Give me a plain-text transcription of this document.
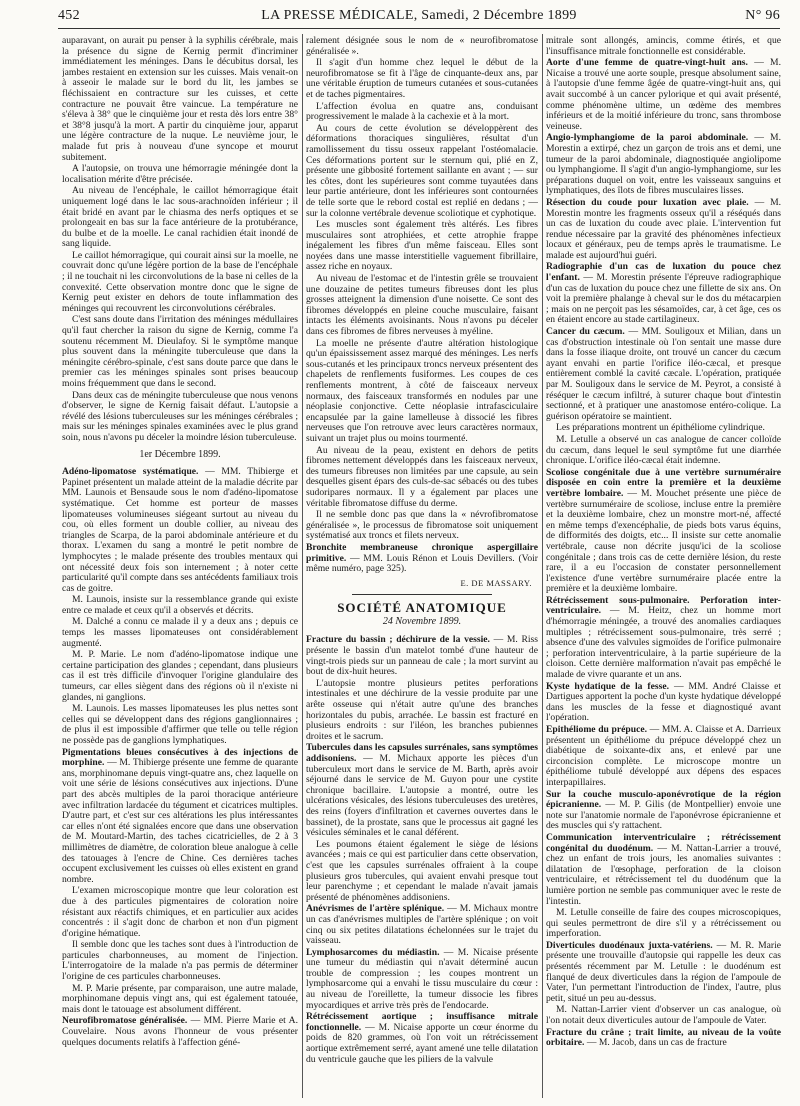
452	LA PRESSE MÉDICALE, Samedi, 2 Décembre 1899	N° 96

auparavant, on aurait pu penser à la syphilis cérébrale, mais la présence du signe de Kernig permit d'incriminer immédiatement les méninges. Dans le décubitus dorsal, les jambes restaient en extension sur les cuisses. Mais venait-on à asseoir le malade sur le bord du lit, les jambes se fléchissaient en contracture sur les cuisses, et cette contracture ne pouvait être vaincue. La température ne s'éleva à 38° que le cinquième jour et resta dès lors entre 38° et 38°8 jusqu'à la mort. A partir du cinquième jour, apparut une légère contracture de la nuque. Le neuvième jour, le malade fut pris à nouveau d'une syncope et mourut subitement.

A l'autopsie, on trouva une hémorragie méningée dont la localisation mérite d'être précisée.

Au niveau de l'encéphale, le caillot hémorragique était uniquement logé dans le lac sous-arachnoïden inférieur ; il était bridé en avant par le chiasma des nerfs optiques et se prolongeait en bas sur la face antérieure de la protubérance, du bulbe et de la moelle. Le canal rachidien était inondé de sang liquide.

Le caillot hémorragique, qui courait ainsi sur la moelle, ne couvrait donc qu'une légère portion de la base de l'encéphale ; il ne touchait ni les circonvolutions de la base ni celles de la convexité. Cette observation montre donc que le signe de Kernig peut exister en dehors de toute inflammation des méninges qui recouvrent les circonvolutions cérébrales.

C'est sans doute dans l'irritation des méninges médullaires qu'il faut chercher la raison du signe de Kernig, comme l'a soutenu récemment M. Dieulafoy. Si le symptôme manque plus souvent dans la méningite tuberculeuse que dans la méningite cérébro-spinale, c'est sans doute parce que dans le premier cas les méninges spinales sont prises beaucoup moins fréquemment que dans le second.

Dans deux cas de méningite tuberculeuse que nous venons d'observer, le signe de Kernig faisait défaut. L'autopsie a révélé des lésions tuberculeuses sur les méninges cérébrales ; mais sur les méninges spinales examinées avec le plus grand soin, nous n'avons pu déceler la moindre lésion tuberculeuse.

1er Décembre 1899.

Adéno-lipomatose systématique. — MM. Thibierge et Papinet présentent un malade atteint de la maladie décrite par MM. Launois et Bensaude sous le nom d'adéno-lipomatose systématique. Cet homme est porteur de masses lipomateuses volumineuses siégeant surtout au niveau du cou, où elles forment un double collier, au niveau des triangles de Scarpa, de la paroi abdominale antérieure et du thorax. L'examen du sang a montré le petit nombre de lymphocytes ; le malade présente des troubles mentaux qui ont nécessité deux fois son internement ; à noter cette particularité qu'il compte dans ses antécédents familiaux trois cas de goitre.

M. Launois, insiste sur la ressemblance grande qui existe entre ce malade et ceux qu'il a observés et décrits.

M. Dalché a connu ce malade il y a deux ans ; depuis ce temps les masses lipomateuses ont considérablement augmenté.

M. P. Marie. Le nom d'adéno-lipomatose indique une certaine participation des glandes ; cependant, dans plusieurs cas il est très difficile d'invoquer l'origine glandulaire des tumeurs, car elles siègent dans des régions où il n'existe ni glandes, ni ganglions.

M. Launois. Les masses lipomateuses les plus nettes sont celles qui se développent dans des régions ganglionnaires ; de plus il est impossible d'affirmer que telle ou telle région ne possède pas de ganglions lymphatiques.

Pigmentations bleues consécutives à des injections de morphine. — M. Thibierge présente une femme de quarante ans, morphinomane depuis vingt-quatre ans, chez laquelle on voit une série de lésions consécutives aux injections. D'une part des abcès multiples de la paroi thoracique antérieure avec infiltration lardacée du tégument et cicatrices multiples. D'autre part, et c'est sur ces altérations les plus intéressantes car elles n'ont été signalées encore que dans une observation de M. Moutard-Martin, des taches cicatricielles, de 2 à 3 millimètres de diamètre, de coloration bleue analogue à celle des tatouages à l'encre de Chine. Ces dernières taches occupent exclusivement les cuisses où elles existent en grand nombre.

L'examen microscopique montre que leur coloration est due à des particules pigmentaires de coloration noire résistant aux réactifs chimiques, et en particulier aux acides concentrés : il s'agit donc de charbon et non d'un pigment d'origine hématique.

Il semble donc que les taches sont dues à l'introduction de particules charbonneuses, au moment de l'injection. L'interrogatoire de la malade n'a pas permis de déterminer l'origine de ces particules charbonneuses.

M. P. Marie présente, par comparaison, une autre malade, morphinomane depuis vingt ans, qui est également tatouée, mais dont le tatouage est absolument différent.

Neurofibromatose généralisée. — MM. Pierre Marie et A. Couvelaire. Nous avons l'honneur de vous présenter quelques documents relatifs à l'affection géné-

ralement désignée sous le nom de « neurofibromatose généralisée ».

Il s'agit d'un homme chez lequel le début de la neurofibromatose se fit à l'âge de cinquante-deux ans, par une véritable éruption de tumeurs cutanées et sous-cutanées et de taches pigmentaires.

L'affection évolua en quatre ans, conduisant progressivement le malade à la cachexie et à la mort.

Au cours de cette évolution se développèrent des déformations thoraciques singulières, résultat d'un ramollissement du tissu osseux rappelant l'ostéomalacie. Ces déformations portent sur le sternum qui, plié en Z, présente une gibbosité fortement saillante en avant ; — sur les côtes, dont les supérieures sont comme tuyautées dans leur partie antérieure, dont les inférieures sont contournées de telle sorte que le rebord costal est replié en dedans ; — sur la colonne vertébrale devenue scoliotique et cyphotique.

Les muscles sont également très altérés. Les fibres musculaires sont atrophiées, et cette atrophie frappe inégalement les fibres d'un même faisceau. Elles sont noyées dans une masse interstitielle vaguement fibrillaire, assez riche en noyaux.

Au niveau de l'estomac et de l'intestin grêle se trouvaient une douzaine de petites tumeurs fibreuses dont les plus grosses atteignent la dimension d'une noisette. Ce sont des fibromes développés en pleine couche musculaire, faisant intacts les éléments avoisinants. Nous n'avons pu déceler dans ces fibromes de fibres nerveuses à myéline.

La moelle ne présente d'autre altération histologique qu'un épaississement assez marqué des méninges. Les nerfs sous-cutanés et les principaux troncs nerveux présentent des chapelets de renflements fusiformes. Les coupes de ces renflements montrent, à côté de faisceaux nerveux normaux, des faisceaux transformés en nodules par une néoplasie conjonctive. Cette néoplasie intrafasciculaire encapsulée par la gaine lamelleuse à dissocié les fibres nerveuses que l'on retrouve avec leurs caractères normaux, suivant un trajet plus ou moins tourmenté.

Au niveau de la peau, existent en dehors de petits fibromes nettement développés dans les faisceaux nerveux, des tumeurs fibreuses non limitées par une capsule, au sein desquelles gisent épars des culs-de-sac sébacés ou des tubes sudoripares normaux. Il y a également par places une véritable fibromatose diffuse du derme.

Il ne semble donc pas que dans la « névrofibromatose généralisée », le processus de fibromatose soit uniquement systématisé aux troncs et filets nerveux.

Bronchite membraneuse chronique aspergillaire primitive. — MM. Louis Rénon et Louis Devillers. (Voir même numéro, page 325).

E. DE MASSARY.
SOCIÉTÉ ANATOMIQUE
24 Novembre 1899.

Fracture du bassin ; déchirure de la vessie. — M. Riss présente le bassin d'un matelot tombé d'une hauteur de vingt-trois pieds sur un panneau de cale ; la mort survint au bout de dix-huit heures.

L'autopsie montre plusieurs petites perforations intestinales et une déchirure de la vessie produite par une arête osseuse qui n'était autre qu'une des branches horizontales du pubis, arrachée. Le bassin est fracturé en plusieurs endroits : sur l'iléon, les branches pubiennes droites et le sacrum.

Tubercules dans les capsules surrénales, sans symptômes addisoniens. — M. Michaux apporte les pièces d'un tuberculeux mort dans le service de M. Barth, après avoir séjourné dans le service de M. Guyon pour une cystite chronique bacillaire. L'autopsie a montré, outre les ulcérations vésicales, des lésions tuberculeuses des uretères, des reins (foyers d'infiltration et cavernes ouvertes dans le bassinet), de la prostate, sans que le processus ait gagné les vésicules séminales et le canal déférent.

Les poumons étaient également le siège de lésions avancées ; mais ce qui est particulier dans cette observation, c'est que les capsules surrénales offraient à la coupe plusieurs gros tubercules, qui avaient envahi presque tout leur parenchyme ; et cependant le malade n'avait jamais présenté de phénomènes addisoniens.

Anévrismes de l'artère splénique. — M. Michaux montre un cas d'anévrismes multiples de l'artère splénique ; on voit cinq ou six petites dilatations échelonnées sur le trajet du vaisseau.

Lymphosarcomes du médiastin. — M. Nicaise présente une tumeur du médiastin qui n'avait déterminé aucun trouble de compression ; les coupes montrent un lymphosarcome qui a envahi le tissu musculaire du cœur : au niveau de l'oreillette, la tumeur dissocie les fibres myocardiques et arrive très près de l'endocarde.

Rétrécissement aortique ; insuffisance mitrale fonctionnelle. — M. Nicaise apporte un cœur énorme du poids de 820 grammes, où l'on voit un rétrécissement aortique extrêmement serré, ayant amené une telle dilatation du ventricule gauche que les piliers de la valvule

mitrale sont allongés, amincis, comme étirés, et que l'insuffisance mitrale fonctionnelle est considérable.

Aorte d'une femme de quatre-vingt-huit ans. — M. Nicaise a trouvé une aorte souple, presque absolument saine, à l'autopsie d'une femme âgée de quatre-vingt-huit ans, qui avait succombé à un cancer pylorique et qui avait présenté, comme phénomène ultime, un œdème des membres inférieurs et de la moitié inférieure du tronc, sans thrombose veineuse.

Angio-lymphangiome de la paroi abdominale. — M. Morestin a extirpé, chez un garçon de trois ans et demi, une tumeur de la paroi abdominale, diagnostiquée angiolipome ou lymphangiome. Il s'agit d'un angio-lymphangiome, sur les préparations duquel on voit, entre les vaisseaux sanguins et lymphatiques, des îlots de fibres musculaires lisses.

Résection du coude pour luxation avec plaie. — M. Morestin montre les fragments osseux qu'il a réséqués dans un cas de luxation du coude avec plaie. L'intervention fut rendue nécessaire par la gravité des phénomènes infectieux locaux et généraux, peu de temps après le traumatisme. Le malade est aujourd'hui guéri.

Radiographie d'un cas de luxation du pouce chez l'enfant. — M. Morestin présente l'épreuve radiographique d'un cas de luxation du pouce chez une fillette de six ans. On voit la première phalange à cheval sur le dos du métacarpien ; mais on ne perçoit pas les sésamoïdes, car, à cet âge, ces os en étaient encore au stade cartilagineux.

Cancer du cæcum. — MM. Souligoux et Milian, dans un cas d'obstruction intestinale où l'on sentait une masse dure dans la fosse iliaque droite, ont trouvé un cancer du cæcum ayant envahi en partie l'orifice iléo-cæcal, et presque entièrement comblé la cavité cæcale. L'opération, pratiquée par M. Souligoux dans le service de M. Peyrot, a consisté à réséquer le cæcum infiltré, à suturer chaque bout d'intestin sectionné, et à pratiquer une anastomose entéro-colique. La guérison opératoire se maintient.

Les préparations montrent un épithéliome cylindrique.

M. Letulle a observé un cas analogue de cancer colloïde du cæcum, dans lequel le seul symptôme fut une diarrhée chronique. L'orifice iléo-cæcal était indemne.

Scoliose congénitale due à une vertèbre surnuméraire disposée en coin entre la première et la deuxième vertèbre lombaire. — M. Mouchet présente une pièce de vertèbre surnuméraire de scoliose, incluse entre la première et la deuxième lombaire, chez un monstre mort-né, affecté en même temps d'exencéphalie, de pieds bots varus équins, de difformités des doigts, etc... Il insiste sur cette anomalie vertébrale, cause non décrite jusqu'ici de la scoliose congénitale ; dans trois cas de cette dernière lésion, du reste rare, il a eu l'occasion de constater personnellement l'existence d'une vertèbre surnuméraire placée entre la première et la deuxième lombaire.

Rétrécissement sous-pulmonaire. Perforation inter-ventriculaire. — M. Heitz, chez un homme mort d'hémorragie méningée, a trouvé des anomalies cardiaques multiples ; rétrécissement sous-pulmonaire, très serré ; absence d'une des valvules sigmoïdes de l'orifice pulmonaire ; perforation interventriculaire, à la partie supérieure de la cloison. Cette dernière malformation n'avait pas empêché le malade de vivre quarante et un ans.

Kyste hydatique de la fesse. — MM. André Claisse et Dartigues apportent la poche d'un kyste hydatique développé dans les muscles de la fesse et diagnostiqué avant l'opération.

Epithéliome du prépuce. — MM. A. Claisse et A. Darrieux présentent un épithéliome du prépuce développé chez un diabétique de soixante-dix ans, et enlevé par une circoncision complète. Le microscope montre un épithéliome tubulé développé aux dépens des espaces interpapillaires.

Sur la couche musculo-aponévrotique de la région épicranienne. — M. P. Gilis (de Montpellier) envoie une note sur l'anatomie normale de l'aponévrose épicranienne et des muscles qui s'y rattachent.

Communication interventriculaire ; rétrécissement congénital du duodénum. — M. Nattan-Larrier a trouvé, chez un enfant de trois jours, les anomalies suivantes : dilatation de l'œsophage, perforation de la cloison ventriculaire, et rétrécissement tel du duodénum que la lumière portion ne semble pas communiquer avec le reste de l'intestin.

M. Letulle conseille de faire des coupes microscopiques, qui seules permettront de dire s'il y a rétrécissement ou imperforation.

Diverticules duodénaux juxta-vatériens. — M. R. Marie présente une trouvaille d'autopsie qui rappelle les deux cas présentés récemment par M. Letulle : le duodénum est flanqué de deux diverticules dans la région de l'ampoule de Vater, l'un permettant l'introduction de l'index, l'autre, plus petit, situé un peu au-dessus.

M. Nattan-Larrier vient d'observer un cas analogue, où l'on notait deux diverticules autour de l'ampoule de Vater.

Fracture du crâne ; trait limite, au niveau de la voûte orbitaire. — M. Jacob, dans un cas de fracture
